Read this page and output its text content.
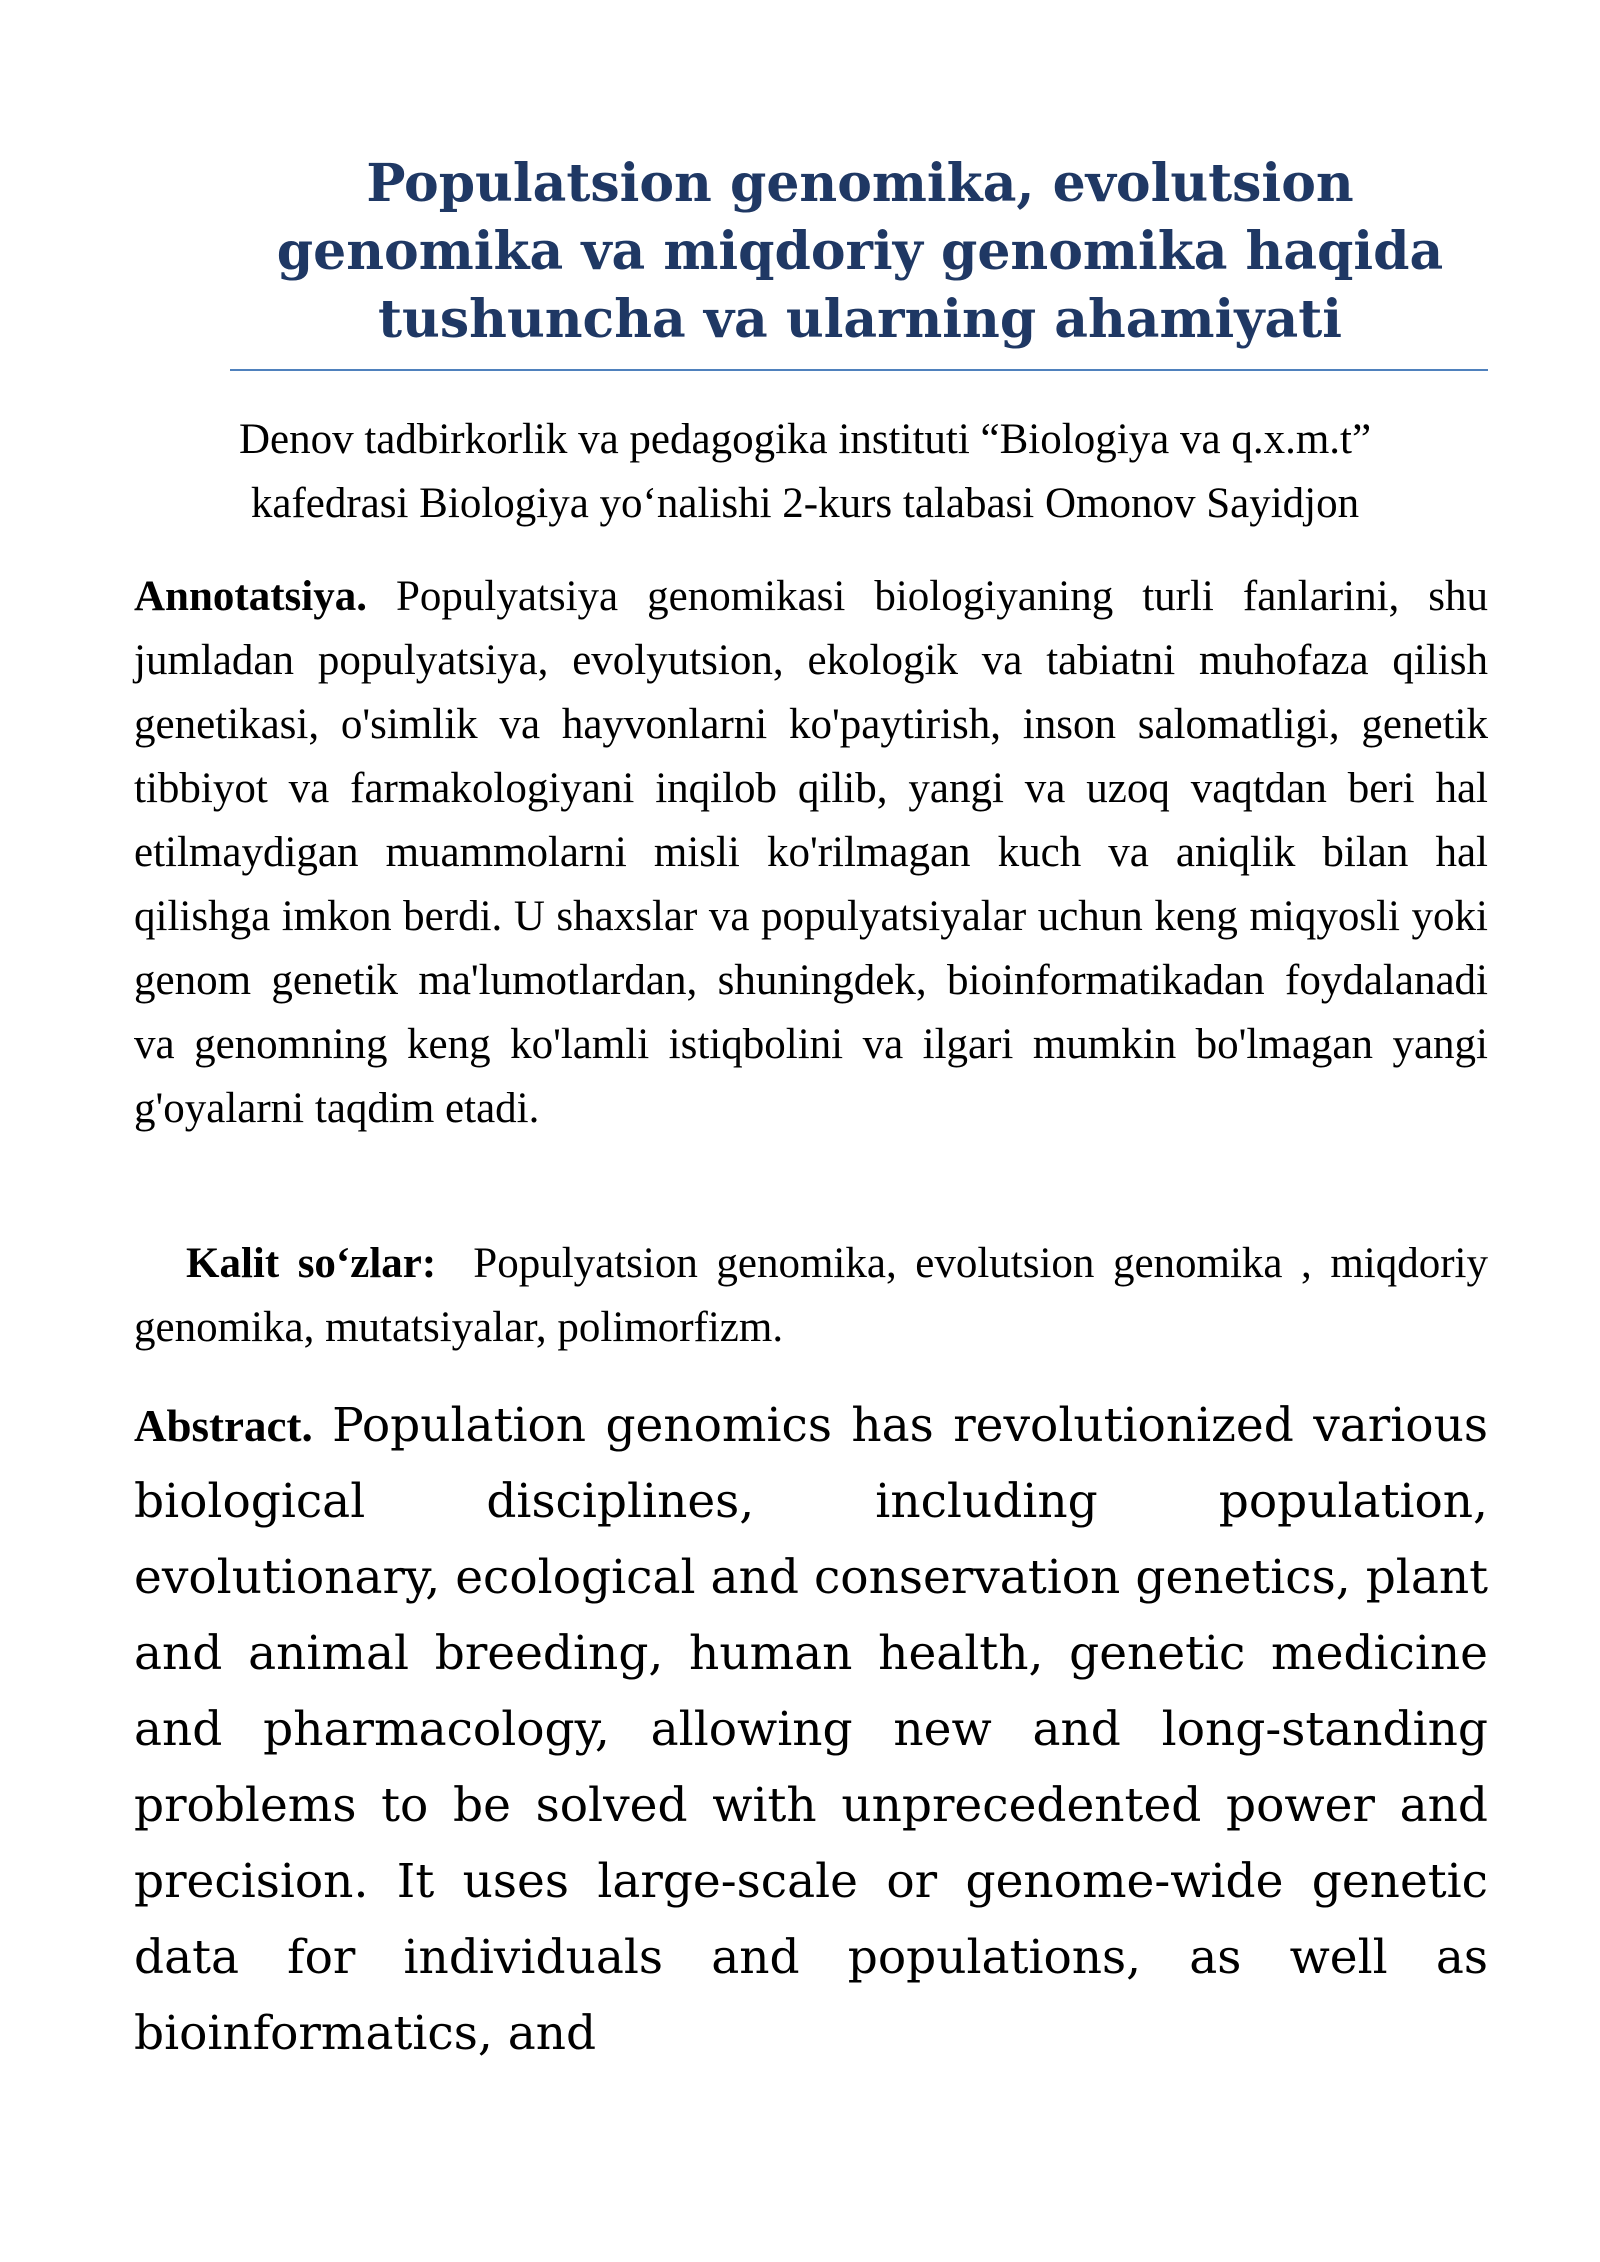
Populatsion genomika, evolutsion genomika va miqdoriy genomika haqida tushuncha va ularning ahamiyati
Denov tadbirkorlik va pedagogika instituti “Biologiya va q.x.m.t”
kafedrasi Biologiya yo‘nalishi 2-kurs talabasi Omonov Sayidjon

Annotatsiya. Populyatsiya genomikasi biologiyaning turli fanlarini, shu jumladan populyatsiya, evolyutsion, ekologik va tabiatni muhofaza qilish genetikasi, o'simlik va hayvonlarni ko'paytirish, inson salomatligi, genetik tibbiyot va farmakologiyani inqilob qilib, yangi va uzoq vaqtdan beri hal etilmaydigan muammolarni misli ko'rilmagan kuch va aniqlik bilan hal qilishga imkon berdi. U shaxslar va populyatsiyalar uchun keng miqyosli yoki genom genetik ma'lumotlardan, shuningdek, bioinformatikadan foydalanadi va genomning keng ko'lamli istiqbolini va ilgari mumkin bo'lmagan yangi g'oyalarni taqdim etadi.

Kalit so‘zlar: Populyatsion genomika, evolutsion genomika , miqdoriy genomika, mutatsiyalar, polimorfizm.

Abstract. Population genomics has revolutionized various biological disciplines, including population, evolutionary, ecological and conservation genetics, plant and animal breeding, human health, genetic medicine and pharmacology, allowing new and long-standing problems to be solved with unprecedented power and precision. It uses large-scale or genome-wide genetic data for individuals and populations, as well as bioinformatics, and
